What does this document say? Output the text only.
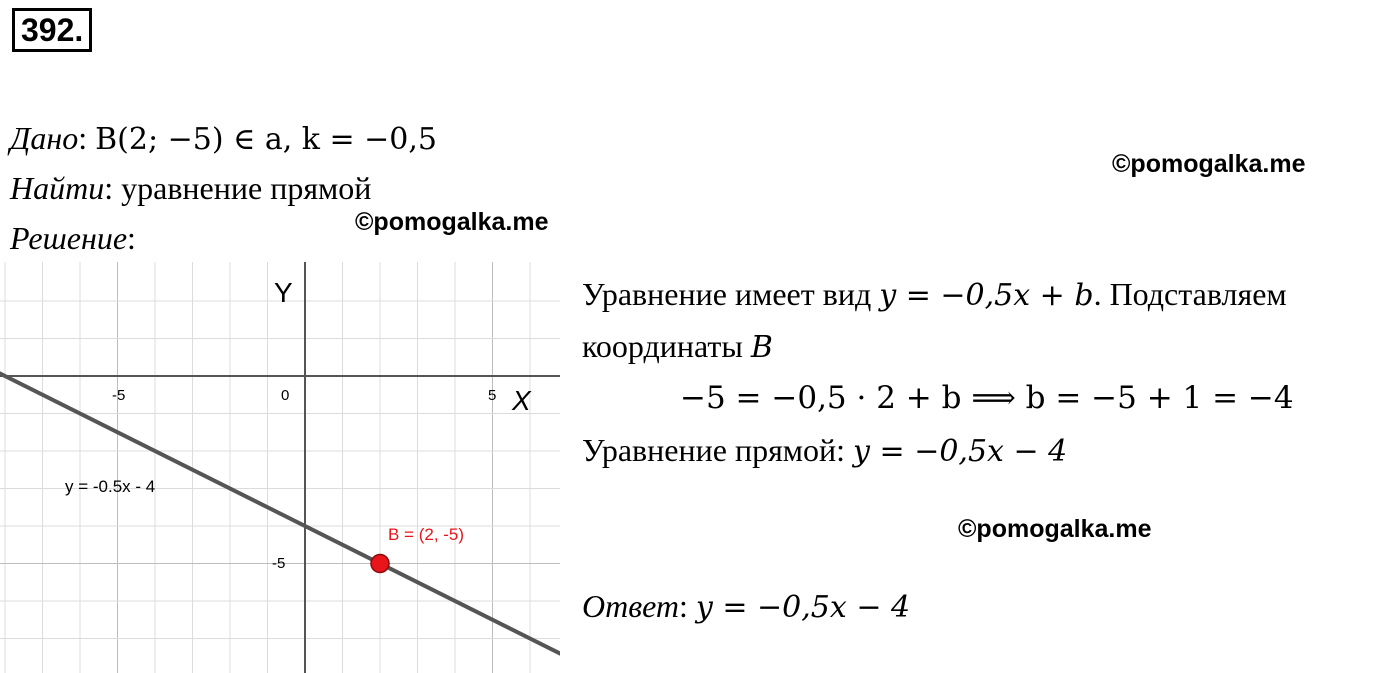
392.
Дано: B(2; −5) ∈ a, k = −0,5
Найти: уравнение прямой
Решение:
©pomogalka.me
©pomogalka.me
©pomogalka.me
Уравнение имеет вид y = −0,5x + b. Подставляем
координаты B
−5 = −0,5 · 2 + b ⟹ b = −5 + 1 = −4
Уравнение прямой: y = −0,5x − 4
Ответ: y = −0,5x − 4
Y
X
-5	0	5
-5
y = -0.5x - 4
B = (2, -5)
